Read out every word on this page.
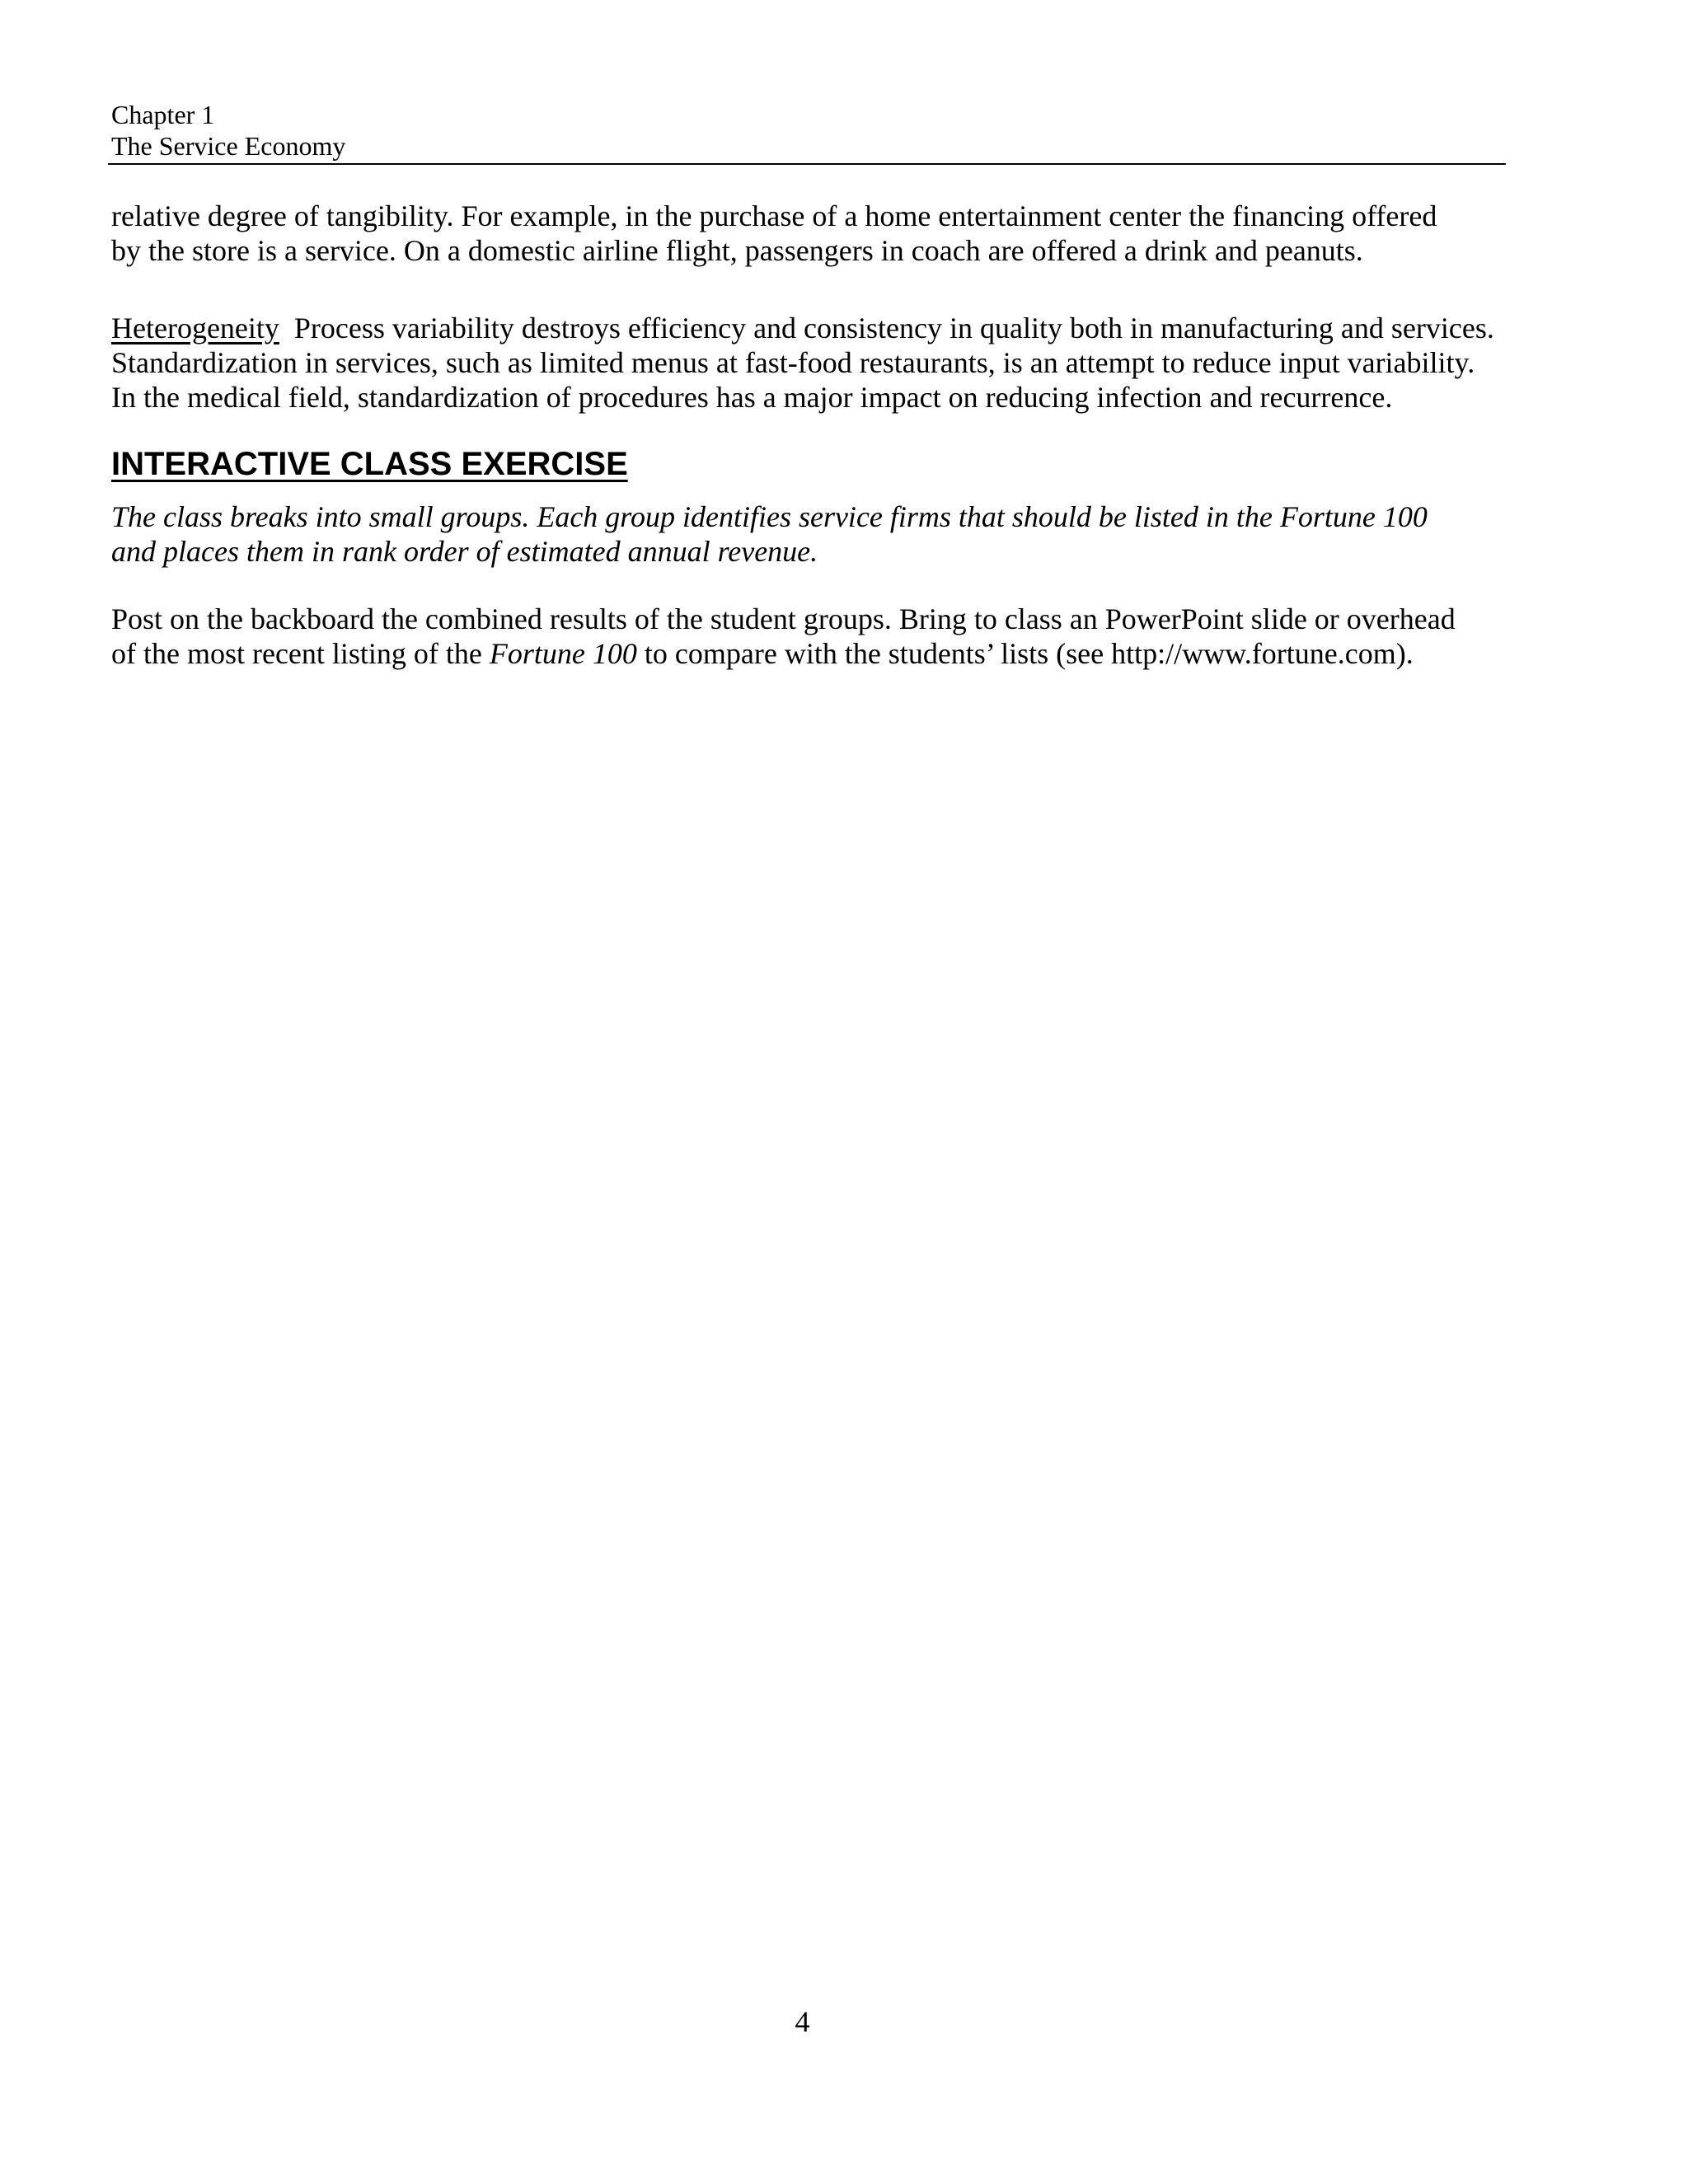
Chapter 1
The Service Economy
relative degree of tangibility. For example, in the purchase of a home entertainment center the financing offered
by the store is a service. On a domestic airline flight, passengers in coach are offered a drink and peanuts.
Heterogeneity  Process variability destroys efficiency and consistency in quality both in manufacturing and services.
Standardization in services, such as limited menus at fast-food restaurants, is an attempt to reduce input variability.
In the medical field, standardization of procedures has a major impact on reducing infection and recurrence.
INTERACTIVE CLASS EXERCISE
The class breaks into small groups. Each group identifies service firms that should be listed in the Fortune 100
and places them in rank order of estimated annual revenue.
Post on the backboard the combined results of the student groups. Bring to class an PowerPoint slide or overhead
of the most recent listing of the Fortune 100 to compare with the students’ lists (see http://www.fortune.com).
4
